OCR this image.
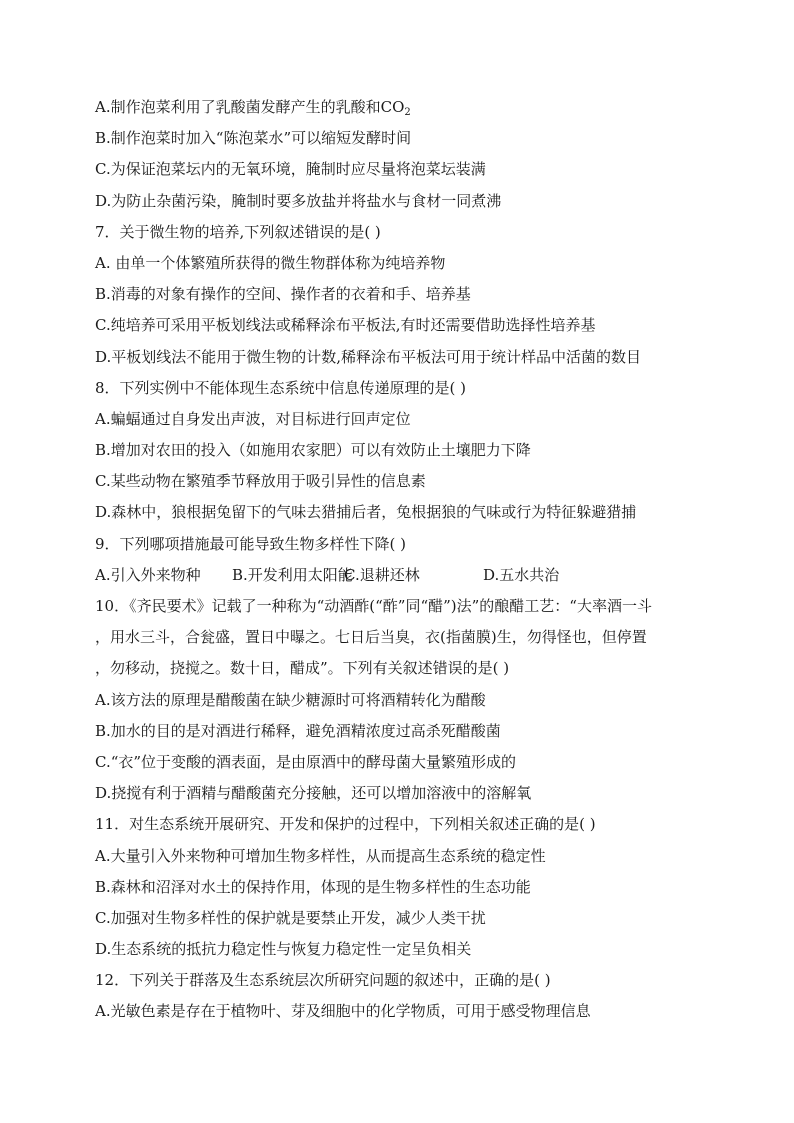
A.制作泡菜利用了乳酸菌发酵产生的乳酸和$CO_2$
B.制作泡菜时加入“陈泡菜水”可以缩短发酵时间
C.为保证泡菜坛内的无氧环境，腌制时应尽量将泡菜坛装满
D.为防止杂菌污染，腌制时要多放盐并将盐水与食材一同煮沸
7．关于微生物的培养,下列叙述错误的是( )
A. 由单一个体繁殖所获得的微生物群体称为纯培养物
B.消毒的对象有操作的空间、操作者的衣着和手、培养基
C.纯培养可采用平板划线法或稀释涂布平板法,有时还需要借助选择性培养基
D.平板划线法不能用于微生物的计数,稀释涂布平板法可用于统计样品中活菌的数目
8．下列实例中不能体现生态系统中信息传递原理的是( )
A.蝙蝠通过自身发出声波，对目标进行回声定位
B.增加对农田的投入（如施用农家肥）可以有效防止土壤肥力下降
C.某些动物在繁殖季节释放用于吸引异性的信息素
D.森林中，狼根据兔留下的气味去猎捕后者，兔根据狼的气味或行为特征躲避猎捕
9．下列哪项措施最可能导致生物多样性下降( )
A.引入外来物种	B.开发利用太阳能
C.退耕还林	D.五水共治
10．《齐民要术》记载了一种称为“动酒酢(“酢”同“醋”)法”的酿醋工艺：“大率酒一斗
，用水三斗，合瓮盛，置日中曝之。七日后当臭，衣(指菌膜)生，勿得怪也，但停置
，勿移动，挠搅之。数十日，醋成”。下列有关叙述错误的是( )
A.该方法的原理是醋酸菌在缺少糖源时可将酒精转化为醋酸
B.加水的目的是对酒进行稀释，避免酒精浓度过高杀死醋酸菌
C.“衣”位于变酸的酒表面，是由原酒中的酵母菌大量繁殖形成的
D.挠搅有利于酒精与醋酸菌充分接触，还可以增加溶液中的溶解氧
11．对生态系统开展研究、开发和保护的过程中，下列相关叙述正确的是( )
A.大量引入外来物种可增加生物多样性，从而提高生态系统的稳定性
B.森林和沼泽对水土的保持作用，体现的是生物多样性的生态功能
C.加强对生物多样性的保护就是要禁止开发，减少人类干扰
D.生态系统的抵抗力稳定性与恢复力稳定性一定呈负相关
12．下列关于群落及生态系统层次所研究问题的叙述中，正确的是( )
A.光敏色素是存在于植物叶、芽及细胞中的化学物质，可用于感受物理信息
